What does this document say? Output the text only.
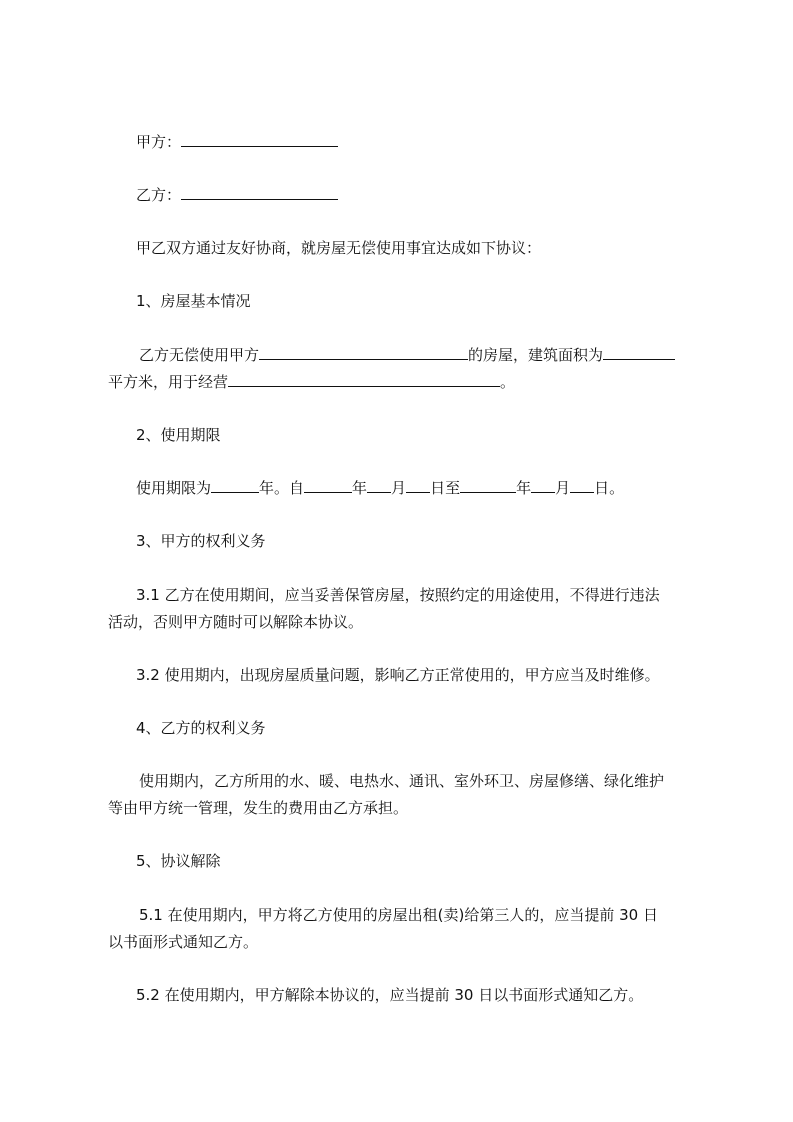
甲方：
乙方：
甲乙双方通过友好协商，就房屋无偿使用事宜达成如下协议：
1、房屋基本情况
乙方无偿使用甲方	的房屋，建筑面积为
平方米，用于经营	。
2、使用期限
使用期限为	年。自	年 月 日至	年 月 日。
3、甲方的权利义务
3.1 乙方在使用期间，应当妥善保管房屋，按照约定的用途使用，不得进行违法
活动，否则甲方随时可以解除本协议。
3.2 使用期内，出现房屋质量问题，影响乙方正常使用的，甲方应当及时维修。
4、乙方的权利义务
使用期内，乙方所用的水、暖、电热水、通讯、室外环卫、房屋修缮、绿化维护
等由甲方统一管理，发生的费用由乙方承担。
5、协议解除
5.1 在使用期内，甲方将乙方使用的房屋出租(卖)给第三人的，应当提前 30 日
以书面形式通知乙方。
5.2 在使用期内，甲方解除本协议的，应当提前 30 日以书面形式通知乙方。
